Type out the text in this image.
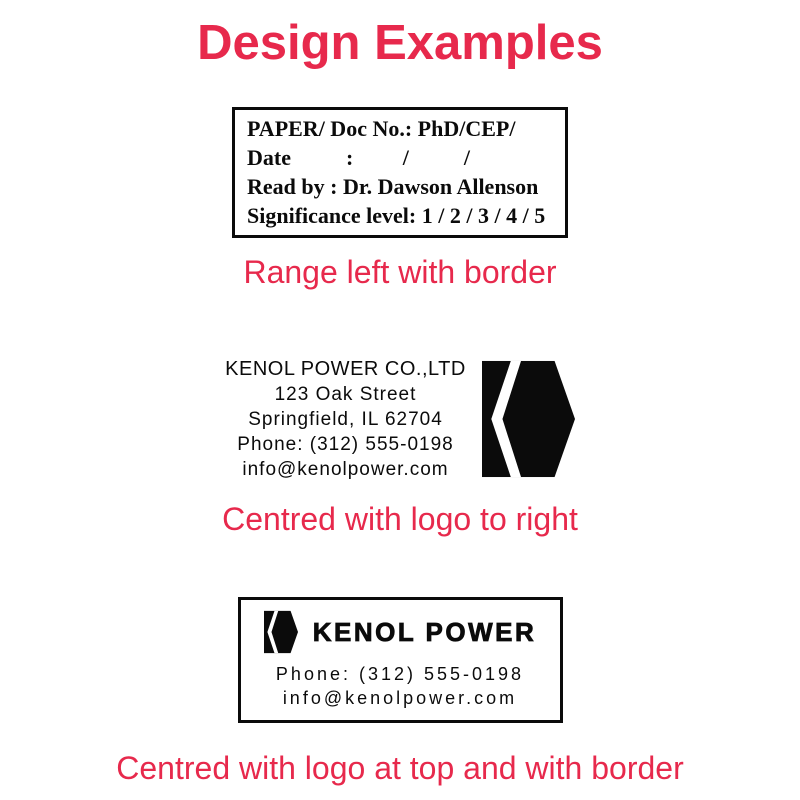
Design Examples
PAPER/ Doc No.: PhD/CEP/
Date          :         /          /
Read by : Dr. Dawson Allenson
Significance level: 1 / 2 / 3 / 4 / 5
Range left with border
KENOL POWER CO.,LTD
123 Oak Street
Springfield, IL 62704
Phone: (312) 555-0198
info@kenolpower.com
Centred with logo to right
KENOL POWER
Phone: (312) 555-0198
info@kenolpower.com
Centred with logo at top and with border
